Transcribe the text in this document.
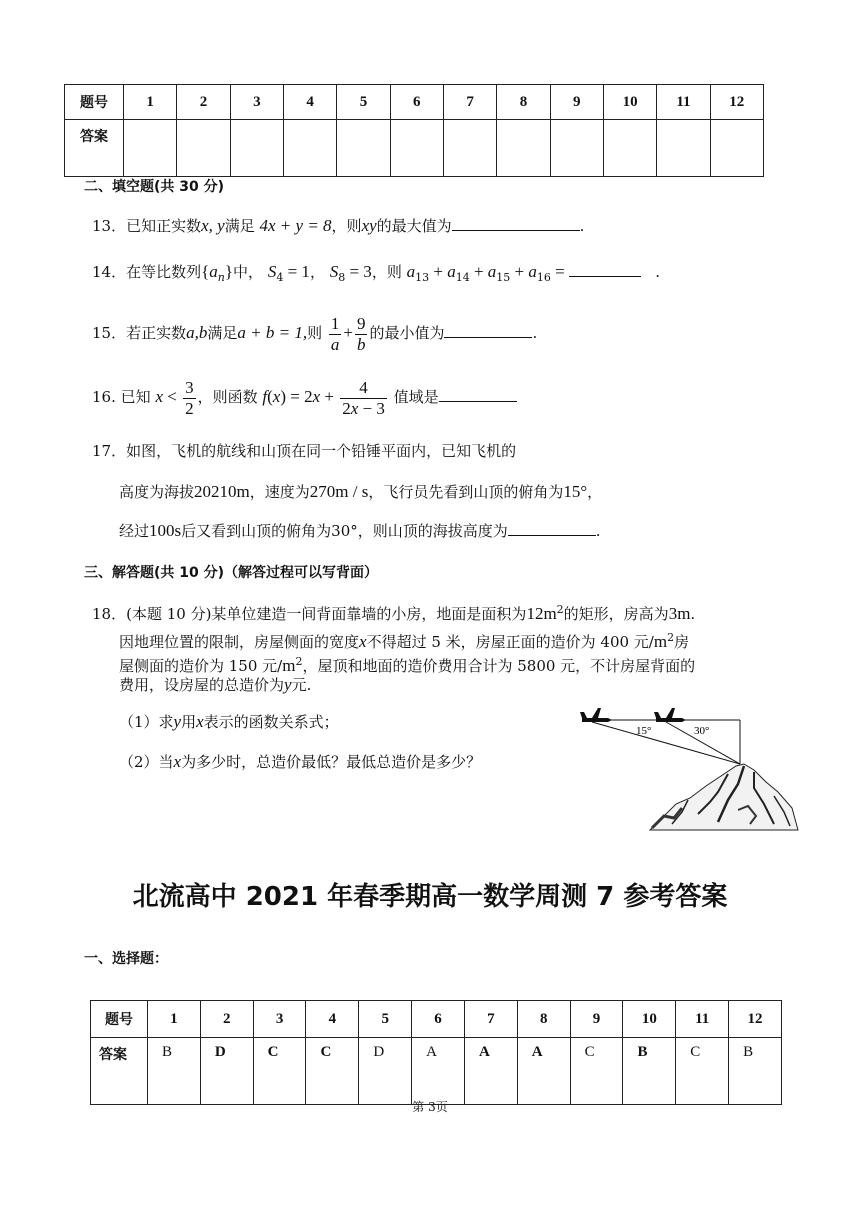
题号	1	2	3	4	5	6	7	8	9	10	11	12
答案												
二、填空题(共 30 分)
13．已知正实数x, y满足 4x + y = 8，则xy的最大值为	.
14．在等比数列$\{a_n\}$中， $S_4 = 1$， $S_8 = 3$，则 $a_{13} + a_{14} + a_{15} + a_{16}$ =	.
15．若正实数a,b满足a + b = 1,则 $\frac{1}{a} + \frac{9}{b}$ 的最小值为	.
16. 已知 $x < \frac{3}{2}$ ，则函数 $f(x) = 2x + \frac{4}{2x - 3}$ 值域是
17．如图，飞机的航线和山顶在同一个铅锤平面内，已知飞机的
高度为海拔20210m，速度为270m / s，飞行员先看到山顶的俯角为15°，
经过100s后又看到山顶的俯角为30°，则山顶的海拔高度为	.
三、解答题(共 10 分)（解答过程可以写背面）
18．(本题 10 分)某单位建造一间背面靠墙的小房，地面是面积为$12m^2$的矩形，房高为3m.
因地理位置的限制，房屋侧面的宽度x不得超过 5 米，房屋正面的造价为 400 元$/m^2$房
屋侧面的造价为 150 元$/m^2$，屋顶和地面的造价费用合计为 5800 元，不计房屋背面的
费用，设房屋的总造价为y元.
（1）求y用x表示的函数关系式；
（2）当x为多少时，总造价最低？最低总造价是多少？
15°	30°
北流高中 2021 年春季期高一数学周测 7 参考答案
一、选择题：
题号	1	2	3	4	5	6	7	8	9	10	11	12
答案	B	D	C	C	D	A	A	A	C	B	C	B
第 3页
